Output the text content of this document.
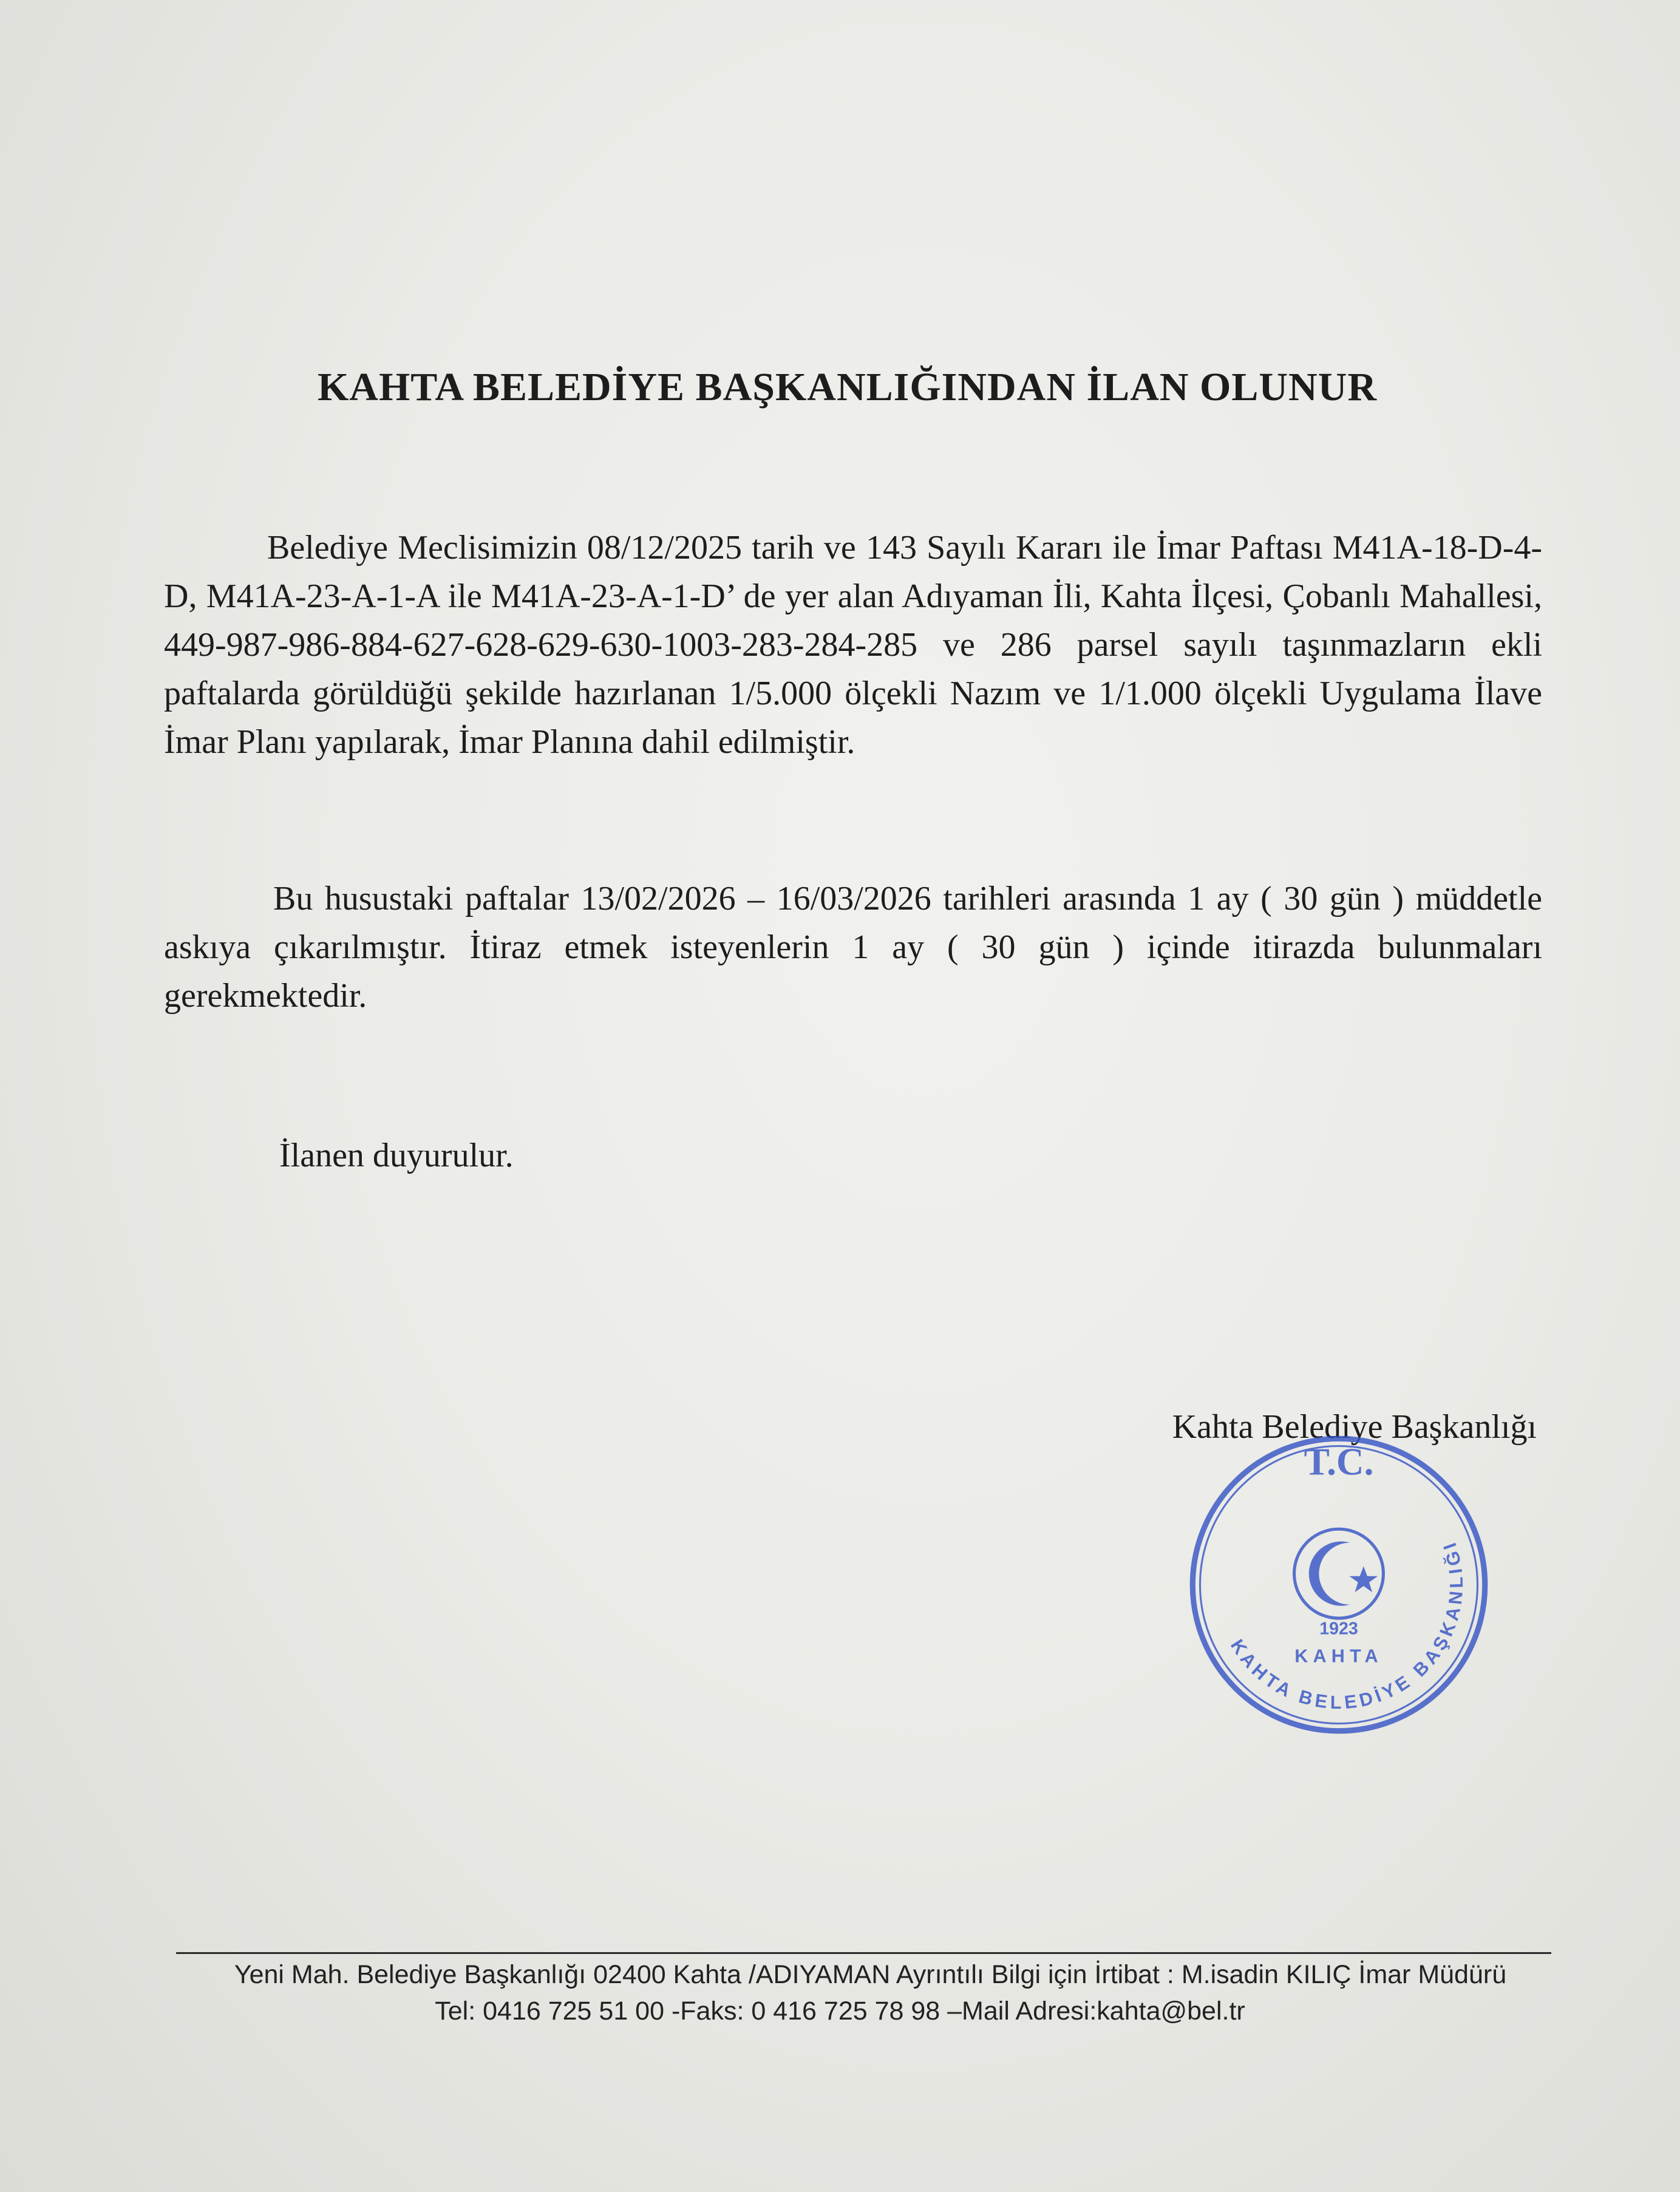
KAHTA BELEDİYE BAŞKANLIĞINDAN İLAN OLUNUR

Belediye Meclisimizin 08/12/2025 tarih ve 143 Sayılı Kararı ile İmar Paftası M41A-18-D-4-D, M41A-23-A-1-A ile M41A-23-A-1-D’ de yer alan Adıyaman İli, Kahta İlçesi, Çobanlı Mahallesi, 449-987-986-884-627-628-629-630-1003-283-284-285 ve 286 parsel sayılı taşınmazların ekli paftalarda görüldüğü şekilde hazırlanan 1/5.000 ölçekli Nazım ve 1/1.000 ölçekli Uygulama İlave İmar Planı yapılarak, İmar Planına dahil edilmiştir.

Bu husustaki paftalar 13/02/2026 – 16/03/2026 tarihleri arasında 1 ay ( 30 gün ) müddetle askıya çıkarılmıştır. İtiraz etmek isteyenlerin 1 ay ( 30 gün ) içinde itirazda bulunmaları gerekmektedir.

İlanen duyurulur.

Kahta Belediye Başkanlığı

T.C.
KAHTA BELEDİYE BAŞKANLIĞI
1923
KAHTA

Yeni Mah. Belediye Başkanlığı 02400 Kahta /ADIYAMAN Ayrıntılı Bilgi için İrtibat : M.isadin KILIÇ İmar Müdürü

Tel: 0416 725 51 00 -Faks: 0 416 725 78 98 –Mail Adresi:kahta@bel.tr
